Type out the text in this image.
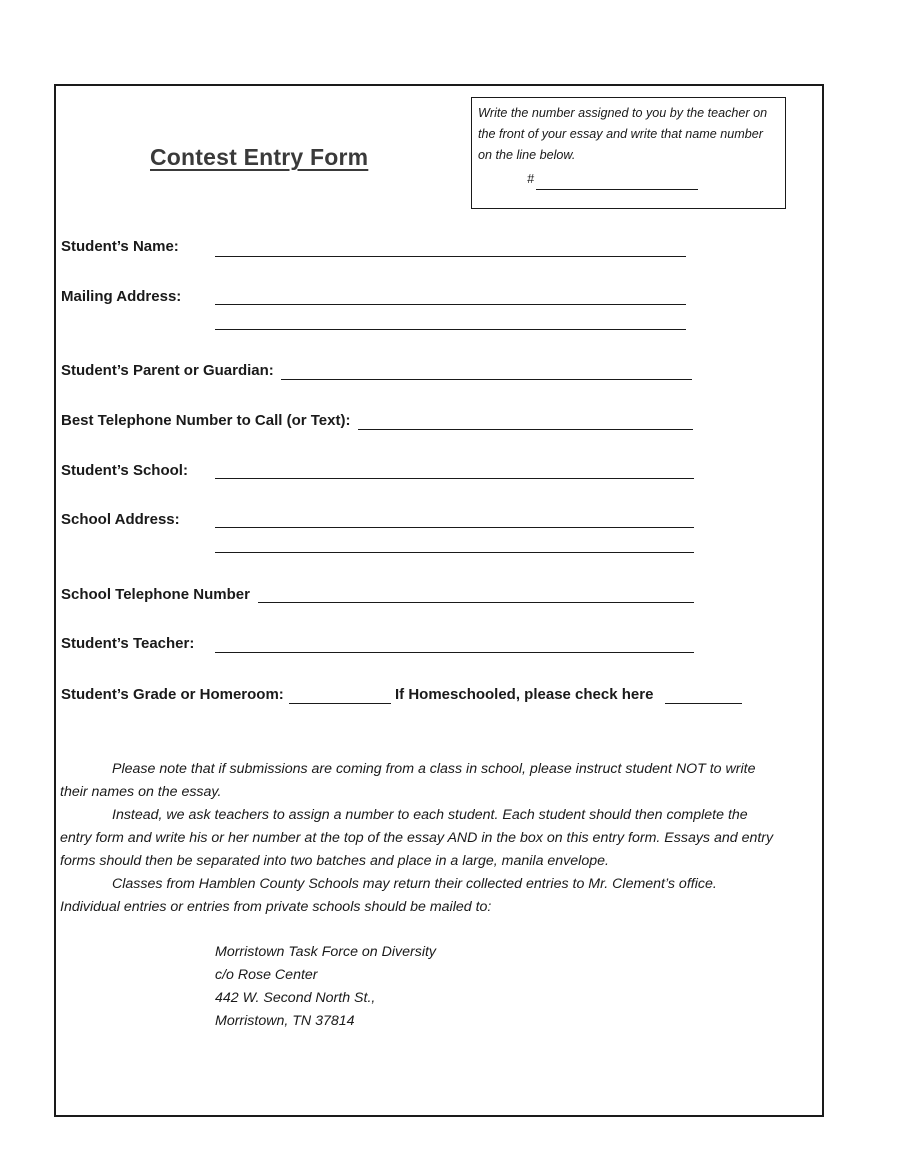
Contest Entry Form
Write the number assigned to you by the teacher on the front of your essay and write that name number on the line below.
#
Student’s Name:
Mailing Address:
Student’s Parent or Guardian:
Best Telephone Number to Call (or Text):
Student’s School:
School Address:
School Telephone Number
Student’s Teacher:
Student’s Grade or Homeroom:	If Homeschooled, please check here

Please note that if submissions are coming from a class in school, please instruct student NOT to write their names on the essay.

Instead, we ask teachers to assign a number to each student. Each student should then complete the entry form and write his or her number at the top of the essay AND in the box on this entry form. Essays and entry forms should then be separated into two batches and place in a large, manila envelope.

Classes from Hamblen County Schools may return their collected entries to Mr. Clement’s office. Individual entries or entries from private schools should be mailed to:

Morristown Task Force on Diversity
c/o Rose Center
442 W. Second North St.,
Morristown, TN 37814
